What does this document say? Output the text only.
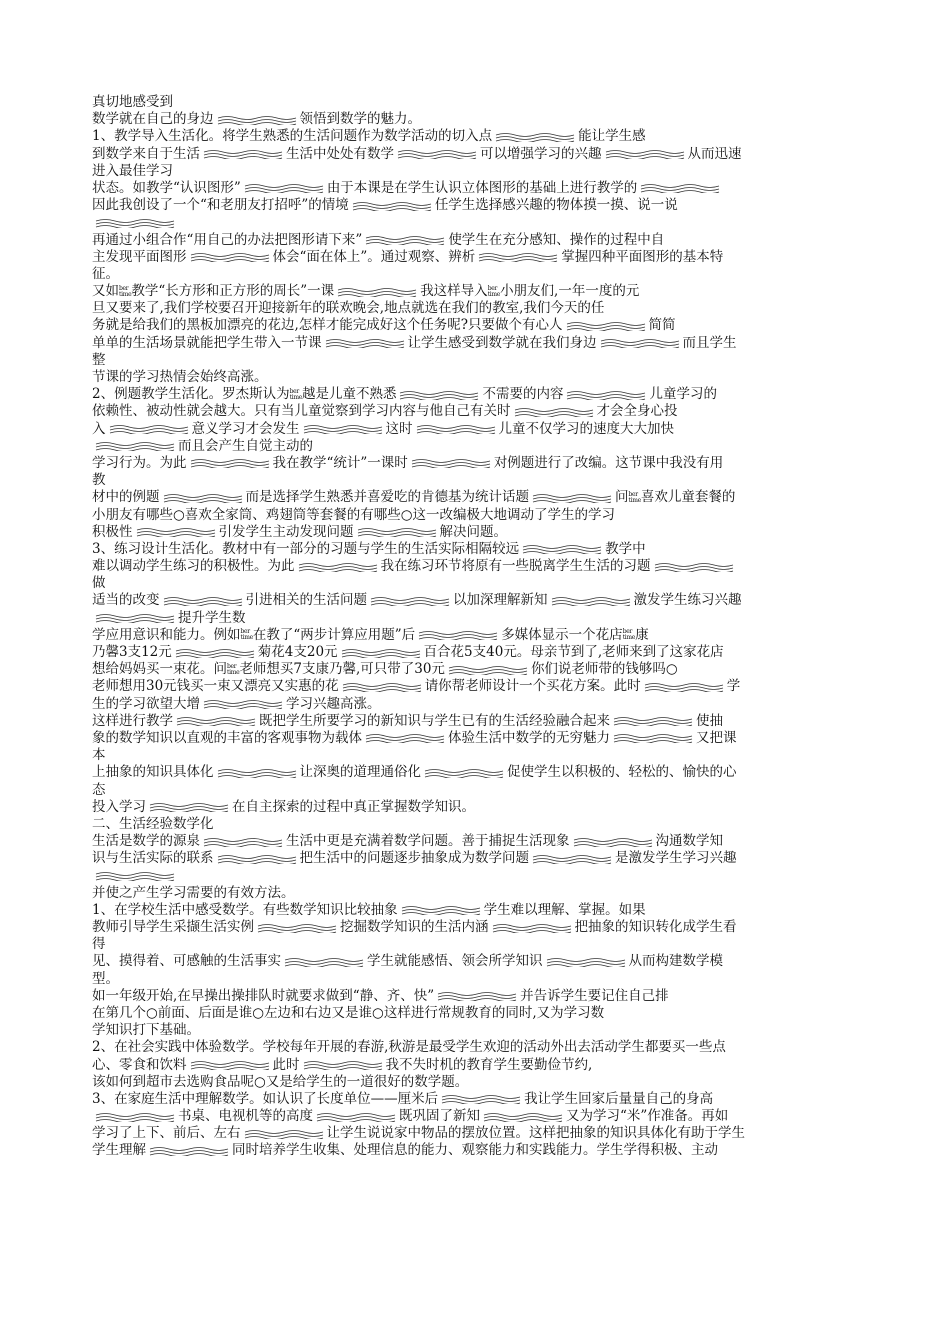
真切地感受到
数学就在自己的身边	领悟到数学的魅力。
1、教学导入生活化。将学生熟悉的生活问题作为数学活动的切入点	能让学生感
到数学来自于生活	生活中处处有数学	可以增强学习的兴趣	从而迅速
进入最佳学习
状态。如教学“认识图形”	由于本课是在学生认识立体图形的基础上进行教学的
因此我创设了一个“和老朋友打招呼”的情境	任学生选择感兴趣的物体摸一摸、说一说
再通过小组合作“用自己的办法把图形请下来”	使学生在充分感知、操作的过程中自
主发现平面图形	体会“面在体上”。通过观察、辨析	掌握四种平面图形的基本特
征。
又如ber
time教学“长方形和正方形的周长”一课	我这样导入ber
time小朋友们,一年一度的元
旦又要来了,我们学校要召开迎接新年的联欢晚会,地点就选在我们的教室,我们今天的任
务就是给我们的黑板加漂亮的花边,怎样才能完成好这个任务呢?只要做个有心人	简简
单单的生活场景就能把学生带入一节课	让学生感受到数学就在我们身边	而且学生
整
节课的学习热情会始终高涨。
2、例题教学生活化。罗杰斯认为ber
time越是儿童不熟悉	不需要的内容	儿童学习的
依赖性、被动性就会越大。只有当儿童觉察到学习内容与他自己有关时	才会全身心投
入	意义学习才会发生	这时	儿童不仅学习的速度大大加快
而且会产生自觉主动的
学习行为。为此	我在教学“统计”一课时	对例题进行了改编。这节课中我没有用
教
材中的例题	而是选择学生熟悉并喜爱吃的肯德基为统计话题	问ber
time喜欢儿童套餐的
小朋友有哪些○喜欢全家筒、鸡翅筒等套餐的有哪些○这一改编极大地调动了学生的学习
积极性	引发学生主动发现问题	解决问题。
3、练习设计生活化。教材中有一部分的习题与学生的生活实际相隔较远	教学中
难以调动学生练习的积极性。为此	我在练习环节将原有一些脱离学生生活的习题
做
适当的改变	引进相关的生活问题	以加深理解新知	激发学生练习兴趣
提升学生数
学应用意识和能力。例如ber
time在教了“两步计算应用题”后	多媒体显示一个花店ber
time康
乃馨3支12元	菊花4支20元	百合花5支40元。母亲节到了,老师来到了这家花店
想给妈妈买一束花。问ber
time老师想买7支康乃馨,可只带了30元	你们说老师带的钱够吗○
老师想用30元钱买一束又漂亮又实惠的花	请你帮老师设计一个买花方案。此时	学
生的学习欲望大增	学习兴趣高涨。
这样进行教学	既把学生所要学习的新知识与学生已有的生活经验融合起来	使抽
象的数学知识以直观的丰富的客观事物为载体	体验生活中数学的无穷魅力	又把课
本
上抽象的知识具体化	让深奥的道理通俗化	促使学生以积极的、轻松的、愉快的心
态
投入学习	在自主探索的过程中真正掌握数学知识。
二、生活经验数学化
生活是数学的源泉	生活中更是充满着数学问题。善于捕捉生活现象	沟通数学知
识与生活实际的联系	把生活中的问题逐步抽象成为数学问题	是激发学生学习兴趣
并使之产生学习需要的有效方法。
1、在学校生活中感受数学。有些数学知识比较抽象	学生难以理解、掌握。如果
教师引导学生采撷生活实例	挖掘数学知识的生活内涵	把抽象的知识转化成学生看
得
见、摸得着、可感触的生活事实	学生就能感悟、领会所学知识	从而构建数学模
型。
如一年级开始,在早操出操排队时就要求做到“静、齐、快”	并告诉学生要记住自己排
在第几个○前面、后面是谁○左边和右边又是谁○这样进行常规教育的同时,又为学习数
学知识打下基础。
2、在社会实践中体验数学。学校每年开展的春游,秋游是最受学生欢迎的活动外出去活动学生都要买一些点
心、零食和饮料	此时	我不失时机的教育学生要勤俭节约,
该如何到超市去选购食品呢○又是给学生的一道很好的数学题。
3、在家庭生活中理解数学。如认识了长度单位——厘米后	我让学生回家后量量自己的身高
书桌、电视机等的高度	既巩固了新知	又为学习“米”作准备。再如
学习了上下、前后、左右	让学生说说家中物品的摆放位置。这样把抽象的知识具体化有助于学生
学生理解	同时培养学生收集、处理信息的能力、观察能力和实践能力。学生学得积极、主动
